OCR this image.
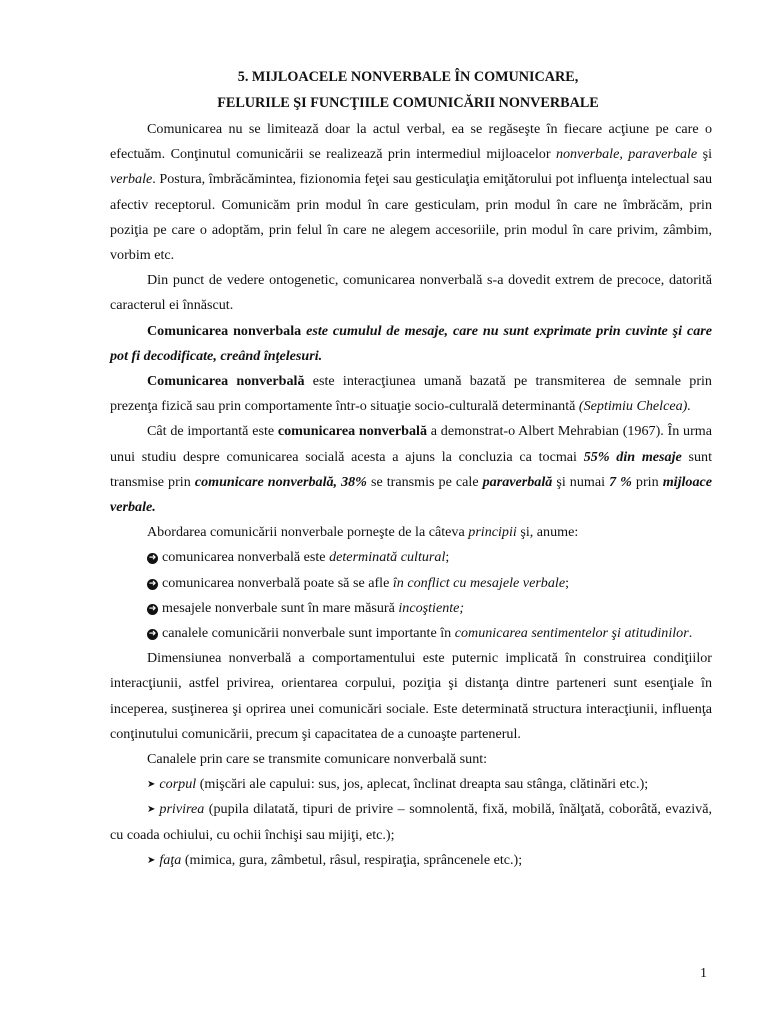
5. MIJLOACELE NONVERBALE ÎN COMUNICARE,
FELURILE ŞI FUNCŢIILE COMUNICĂRII NONVERBALE

Comunicarea nu se limitează doar la actul verbal, ea se regăseşte în fiecare acţiune pe care o efectuăm. Conţinutul comunicării se realizează prin intermediul mijloacelor nonverbale, paraverbale şi verbale. Postura, îmbrăcămintea, fizionomia feţei sau gesticulaţia emiţătorului pot influenţa intelectual sau afectiv receptorul. Comunicăm prin modul în care gesticulam, prin modul în care ne îmbrăcăm, prin poziţia pe care o adoptăm, prin felul în care ne alegem accesoriile, prin modul în care privim, zâmbim, vorbim etc.

Din punct de vedere ontogenetic, comunicarea nonverbală s-a dovedit extrem de precoce, datorită caracterul ei înnăscut.

Comunicarea nonverbala este cumulul de mesaje, care nu sunt exprimate prin cuvinte şi care pot fi decodificate, creând înţelesuri.

Comunicarea nonverbală este interacţiunea umană bazată pe transmiterea de semnale prin prezenţa fizică sau prin comportamente într-o situaţie socio-culturală determinantă (Septimiu Chelcea).

Cât de importantă este comunicarea nonverbală a demonstrat-o Albert Mehrabian (1967). În urma unui studiu despre comunicarea socială acesta a ajuns la concluzia ca tocmai 55% din mesaje sunt transmise prin comunicare nonverbală, 38% se transmis pe cale paraverbală şi numai 7 % prin mijloace verbale.

Abordarea comunicării nonverbale porneşte de la câteva principii şi, anume:

➜ comunicarea nonverbală este determinată cultural;

➜ comunicarea nonverbală poate să se afle în conflict cu mesajele verbale;

➜ mesajele nonverbale sunt în mare măsură incoştiente;

➜ canalele comunicării nonverbale sunt importante în comunicarea sentimentelor şi atitudinilor.

Dimensiunea nonverbală a comportamentului este puternic implicată în construirea condiţiilor interacţiunii, astfel privirea, orientarea corpului, poziţia şi distanţa dintre parteneri sunt esenţiale în inceperea, susţinerea şi oprirea unei comunicări sociale. Este determinată structura interacţiunii, influenţa conţinutului comunicării, precum şi capacitatea de a cunoaşte partenerul.

Canalele prin care se transmite comunicare nonverbală sunt:

➤ corpul (mişcări ale capului: sus, jos, aplecat, înclinat dreapta sau stânga, clătinări etc.);

➤ privirea (pupila dilatată, tipuri de privire – somnolentă, fixă, mobilă, înălţată, coborâtă, evazivă, cu coada ochiului, cu ochii închişi sau mijiţi, etc.);

➤ faţa (mimica, gura, zâmbetul, râsul, respiraţia, sprâncenele etc.);

1
